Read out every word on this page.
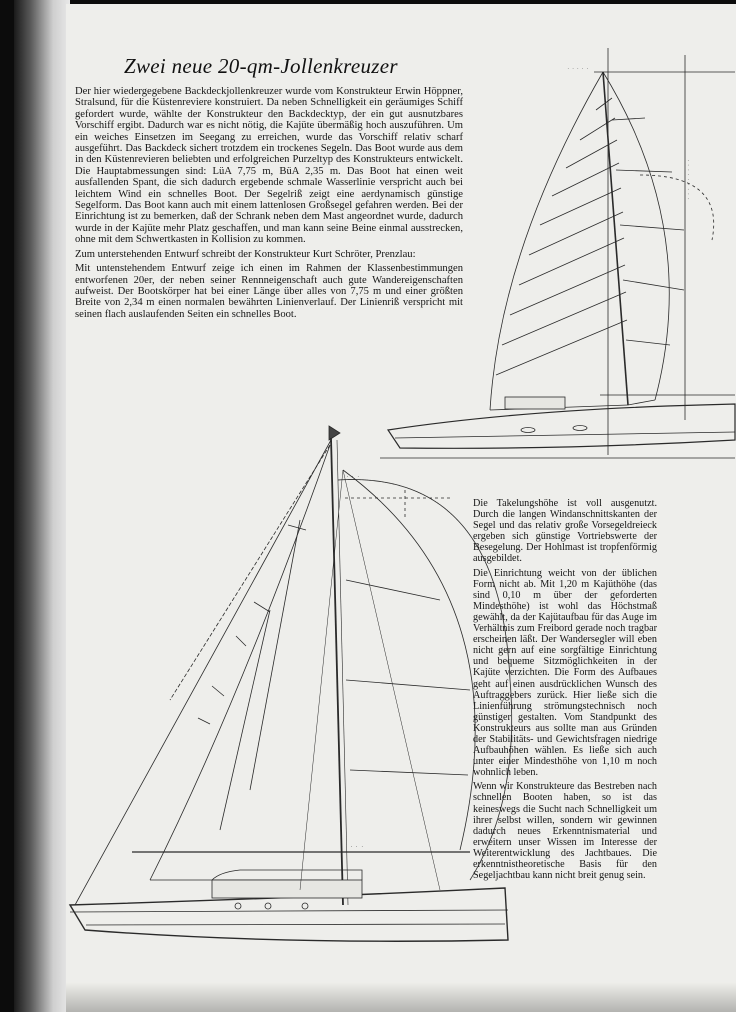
Zwei neue 20-qm-Jollenkreuzer

Der hier wiedergegebene Backdeckjollenkreuzer wurde vom Konstrukteur Erwin Höppner, Stralsund, für die Küstenreviere konstruiert. Da neben Schnelligkeit ein geräumiges Schiff gefordert wurde, wählte der Konstrukteur den Backdecktyp, der ein gut ausnutzbares Vorschiff ergibt. Dadurch war es nicht nötig, die Kajüte übermäßig hoch auszuführen. Um ein weiches Einsetzen im Seegang zu erreichen, wurde das Vorschiff relativ scharf ausgeführt. Das Backdeck sichert trotzdem ein trockenes Segeln. Das Boot wurde aus dem in den Küstenrevieren beliebten und erfolgreichen Purzeltyp des Konstrukteurs entwickelt. Die Hauptabmessungen sind: LüA 7,75 m, BüA 2,35 m. Das Boot hat einen weit ausfallenden Spant, die sich dadurch ergebende schmale Wasserlinie verspricht auch bei leichtem Wind ein schnelles Boot. Der Segelriß zeigt eine aerdynamisch günstige Segelform. Das Boot kann auch mit einem lattenlosen Großsegel gefahren werden. Bei der Einrichtung ist zu bemerken, daß der Schrank neben dem Mast angeordnet wurde, dadurch wurde in der Kajüte mehr Platz geschaffen, und man kann seine Beine einmal ausstrecken, ohne mit dem Schwertkasten in Kollision zu kommen.

Zum unterstehenden Entwurf schreibt der Konstrukteur Kurt Schröter, Prenzlau:

Mit untenstehendem Entwurf zeige ich einen im Rahmen der Klassenbestimmungen entworfenen 20er, der neben seiner Rennneigenschaft auch gute Wandereigenschaften aufweist. Der Bootskörper hat bei einer Länge über alles von 7,75 m und einer größten Breite von 2,34 m einen normalen bewährten Linienverlauf. Der Linienriß verspricht mit seinen flach auslaufenden Seiten ein schnelles Boot.

Die Takelungshöhe ist voll ausgenutzt. Durch die langen Windanschnittskanten der Segel und das relativ große Vorsegeldreieck ergeben sich günstige Vortriebswerte der Besegelung. Der Hohlmast ist tropfenförmig ausgebildet.

Die Einrichtung weicht von der üblichen Form nicht ab. Mit 1,20 m Kajüthöhe (das sind 0,10 m über der geforderten Mindesthöhe) ist wohl das Höchstmaß gewählt, da der Kajütaufbau für das Auge im Verhältnis zum Freibord gerade noch tragbar erscheinen läßt. Der Wandersegler will eben nicht gern auf eine sorgfältige Einrichtung und bequeme Sitzmöglichkeiten in der Kajüte verzichten. Die Form des Aufbaues geht auf einen ausdrücklichen Wunsch des Auftraggebers zurück. Hier ließe sich die Linienführung strömungstechnisch noch günstiger gestalten. Vom Standpunkt des Konstrukteurs aus sollte man aus Gründen der Stabilitäts- und Gewichtsfragen niedrige Aufbauhöhen wählen. Es ließe sich auch unter einer Mindesthöhe von 1,10 m noch wohnlich leben.

Wenn wir Konstrukteure das Bestreben nach schnellen Booten haben, so ist das keineswegs die Sucht nach Schnelligkeit um ihrer selbst willen, sondern wir gewinnen dadurch neues Erkenntnismaterial und erweitern unser Wissen im Interesse der Weiterentwicklung des Jachtbaues. Die erkenntnistheoretische Basis für den Segeljachtbau kann nicht breit genug sein.

· · · · ·
· · · · · · · · ·
· · ·
· · ·
